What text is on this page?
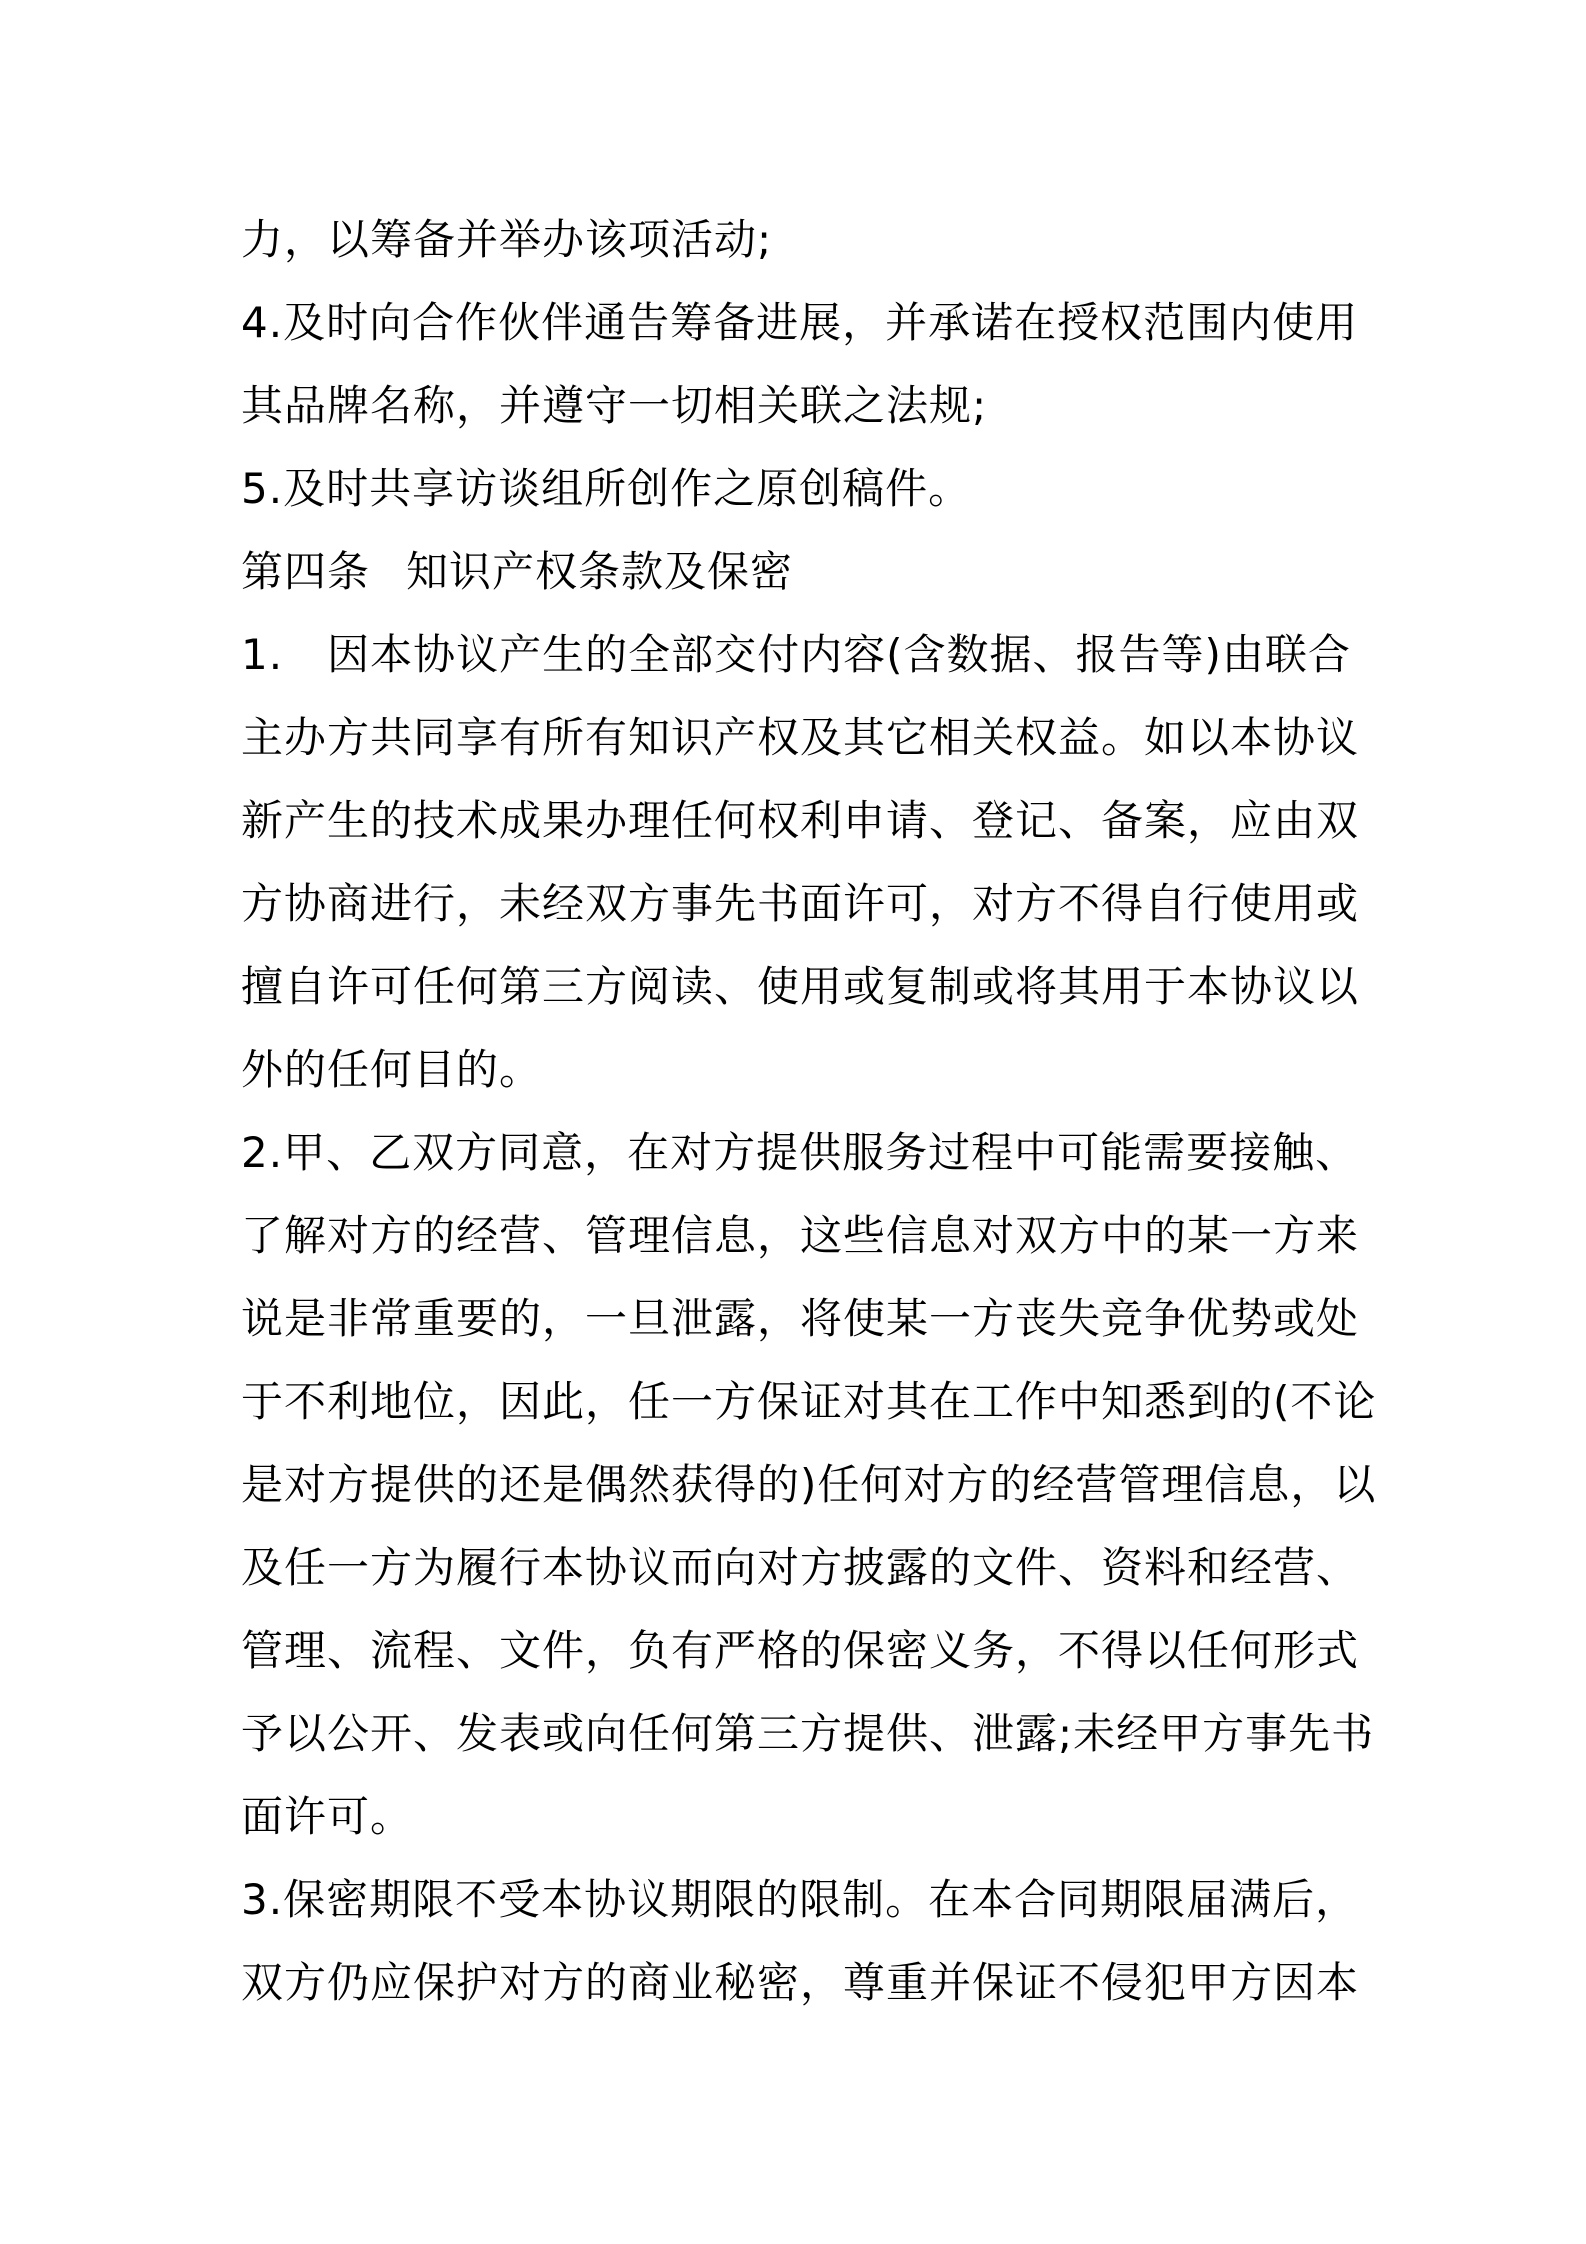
力，以筹备并举办该项活动;
4.及时向合作伙伴通告筹备进展，并承诺在授权范围内使用
其品牌名称，并遵守一切相关联之法规;
5.及时共享访谈组所创作之原创稿件。
第四条 知识产权条款及保密
1. 因本协议产生的全部交付内容(含数据、报告等)由联合
主办方共同享有所有知识产权及其它相关权益。如以本协议
新产生的技术成果办理任何权利申请、登记、备案，应由双
方协商进行，未经双方事先书面许可，对方不得自行使用或
擅自许可任何第三方阅读、使用或复制或将其用于本协议以
外的任何目的。
2.甲、乙双方同意，在对方提供服务过程中可能需要接触、
了解对方的经营、管理信息，这些信息对双方中的某一方来
说是非常重要的，一旦泄露，将使某一方丧失竞争优势或处
于不利地位，因此，任一方保证对其在工作中知悉到的(不论
是对方提供的还是偶然获得的)任何对方的经营管理信息，以
及任一方为履行本协议而向对方披露的文件、资料和经营、
管理、流程、文件，负有严格的保密义务，不得以任何形式
予以公开、发表或向任何第三方提供、泄露;未经甲方事先书
面许可。
3.保密期限不受本协议期限的限制。在本合同期限届满后，
双方仍应保护对方的商业秘密，尊重并保证不侵犯甲方因本
